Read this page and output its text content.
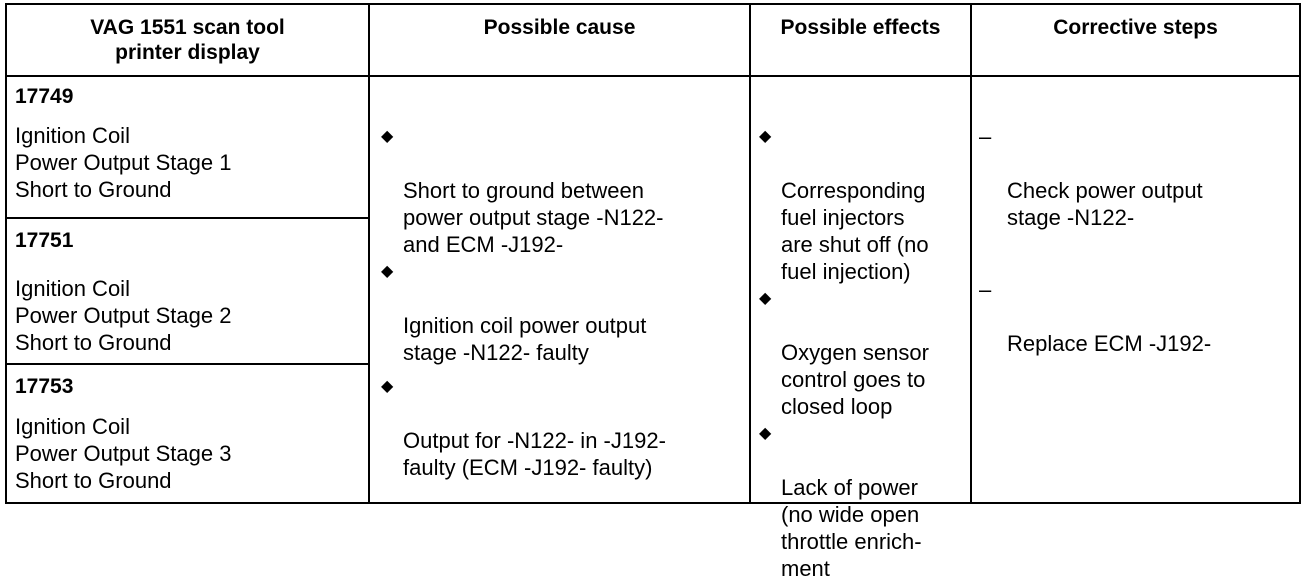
VAG 1551 scan tool
printer display
Possible cause	Possible effects	Corrective steps
17749
Ignition Coil
Power Output Stage 1
Short to Ground
17751
Ignition Coil
Power Output Stage 2
Short to Ground
17753
Ignition Coil
Power Output Stage 3
Short to Ground

◆

Short to ground between
power output stage -N122-
and ECM -J192-

◆

Ignition coil power output
stage -N122- faulty

◆

Output for -N122- in -J192-
faulty (ECM -J192- faulty)

◆

Corresponding
fuel injectors
are shut off (no
fuel injection)

◆

Oxygen sensor
control goes to
closed loop

◆

Lack of power
(no wide open
throttle enrich-
ment

–

Check power output
stage -N122-

–

Replace ECM -J192-
